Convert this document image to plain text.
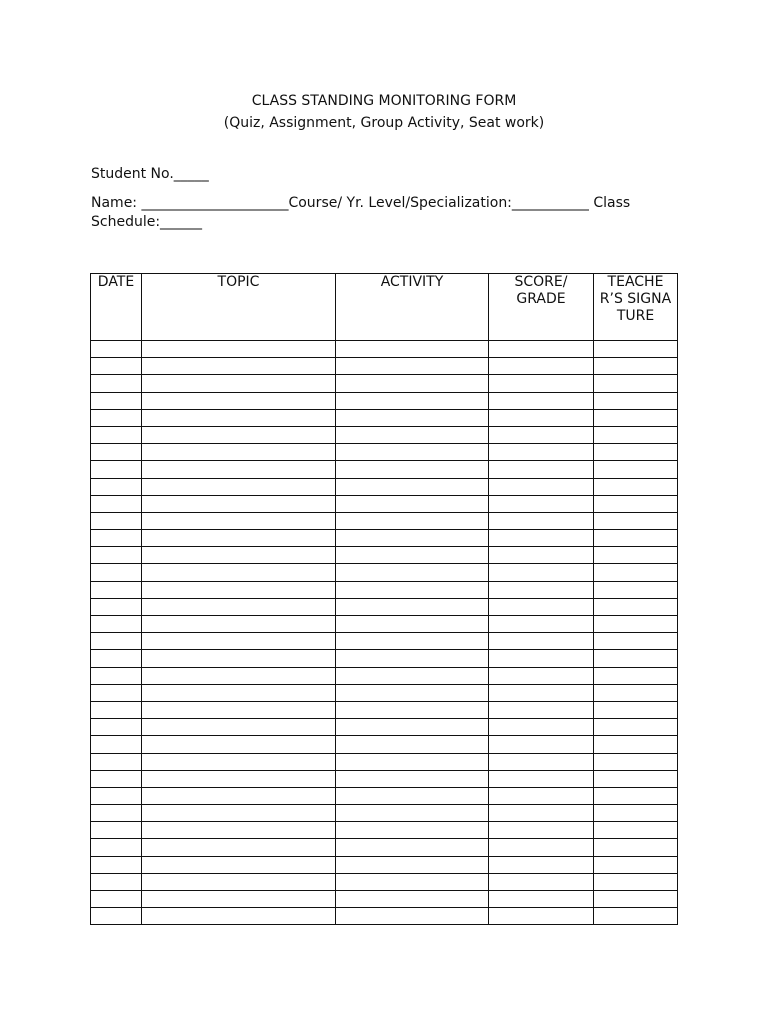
CLASS STANDING MONITORING FORM
(Quiz, Assignment, Group Activity, Seat work)
Student No._____
Name: _____________________Course/ Yr. Level/Specialization:___________ Class
Schedule:______
DATE	TOPIC	ACTIVITY	SCORE/ GRADE	TEACHER’S SIGNATURE
